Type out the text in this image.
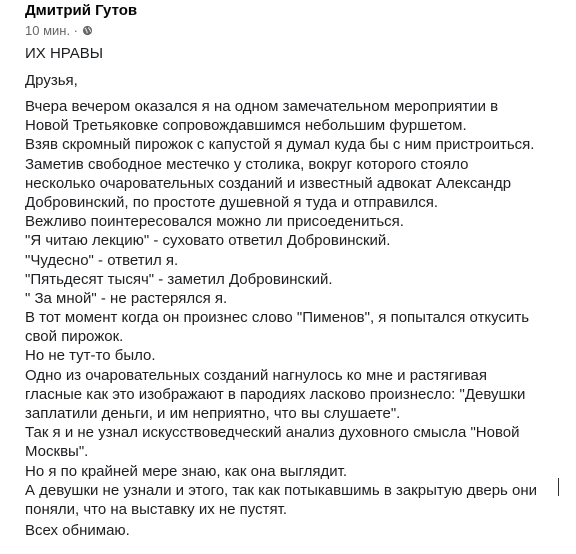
Дмитрий Гутов
10 мин. ·
ИХ НРАВЫ
Друзья,
Вчера вечером оказался я на одном замечательном мероприятии в
Новой Третьяковке сопровождавшимся небольшим фуршетом.
Взяв скромный пирожок с капустой я думал куда бы с ним пристроиться.
Заметив свободное местечко у столика, вокруг которого стояло
несколько очаровательных созданий и известный адвокат Александр
Добровинский, по простоте душевной я туда и отправился.
Вежливо поинтересовался можно ли присоедениться.
"Я читаю лекцию" - суховато ответил Добровинский.
"Чудесно" - ответил я.
"Пятьдесят тысяч" - заметил Добровинский.
" За мной" - не растерялся я.
В тот момент когда он произнес слово "Пименов", я попытался откусить
свой пирожок.
Но не тут-то было.
Одно из очаровательных созданий нагнулось ко мне и растягивая
гласные как это изображают в пародиях ласково произнесло: "Девушки
заплатили деньги, и им неприятно, что вы слушаете".
Так я и не узнал искусствоведческий анализ духовного смысла "Новой
Москвы".
Но я по крайней мере знаю, как она выглядит.
А девушки не узнали и этого, так как потыкавшимь в закрытую дверь они
поняли, что на выставку их не пустят.
Всех обнимаю.
